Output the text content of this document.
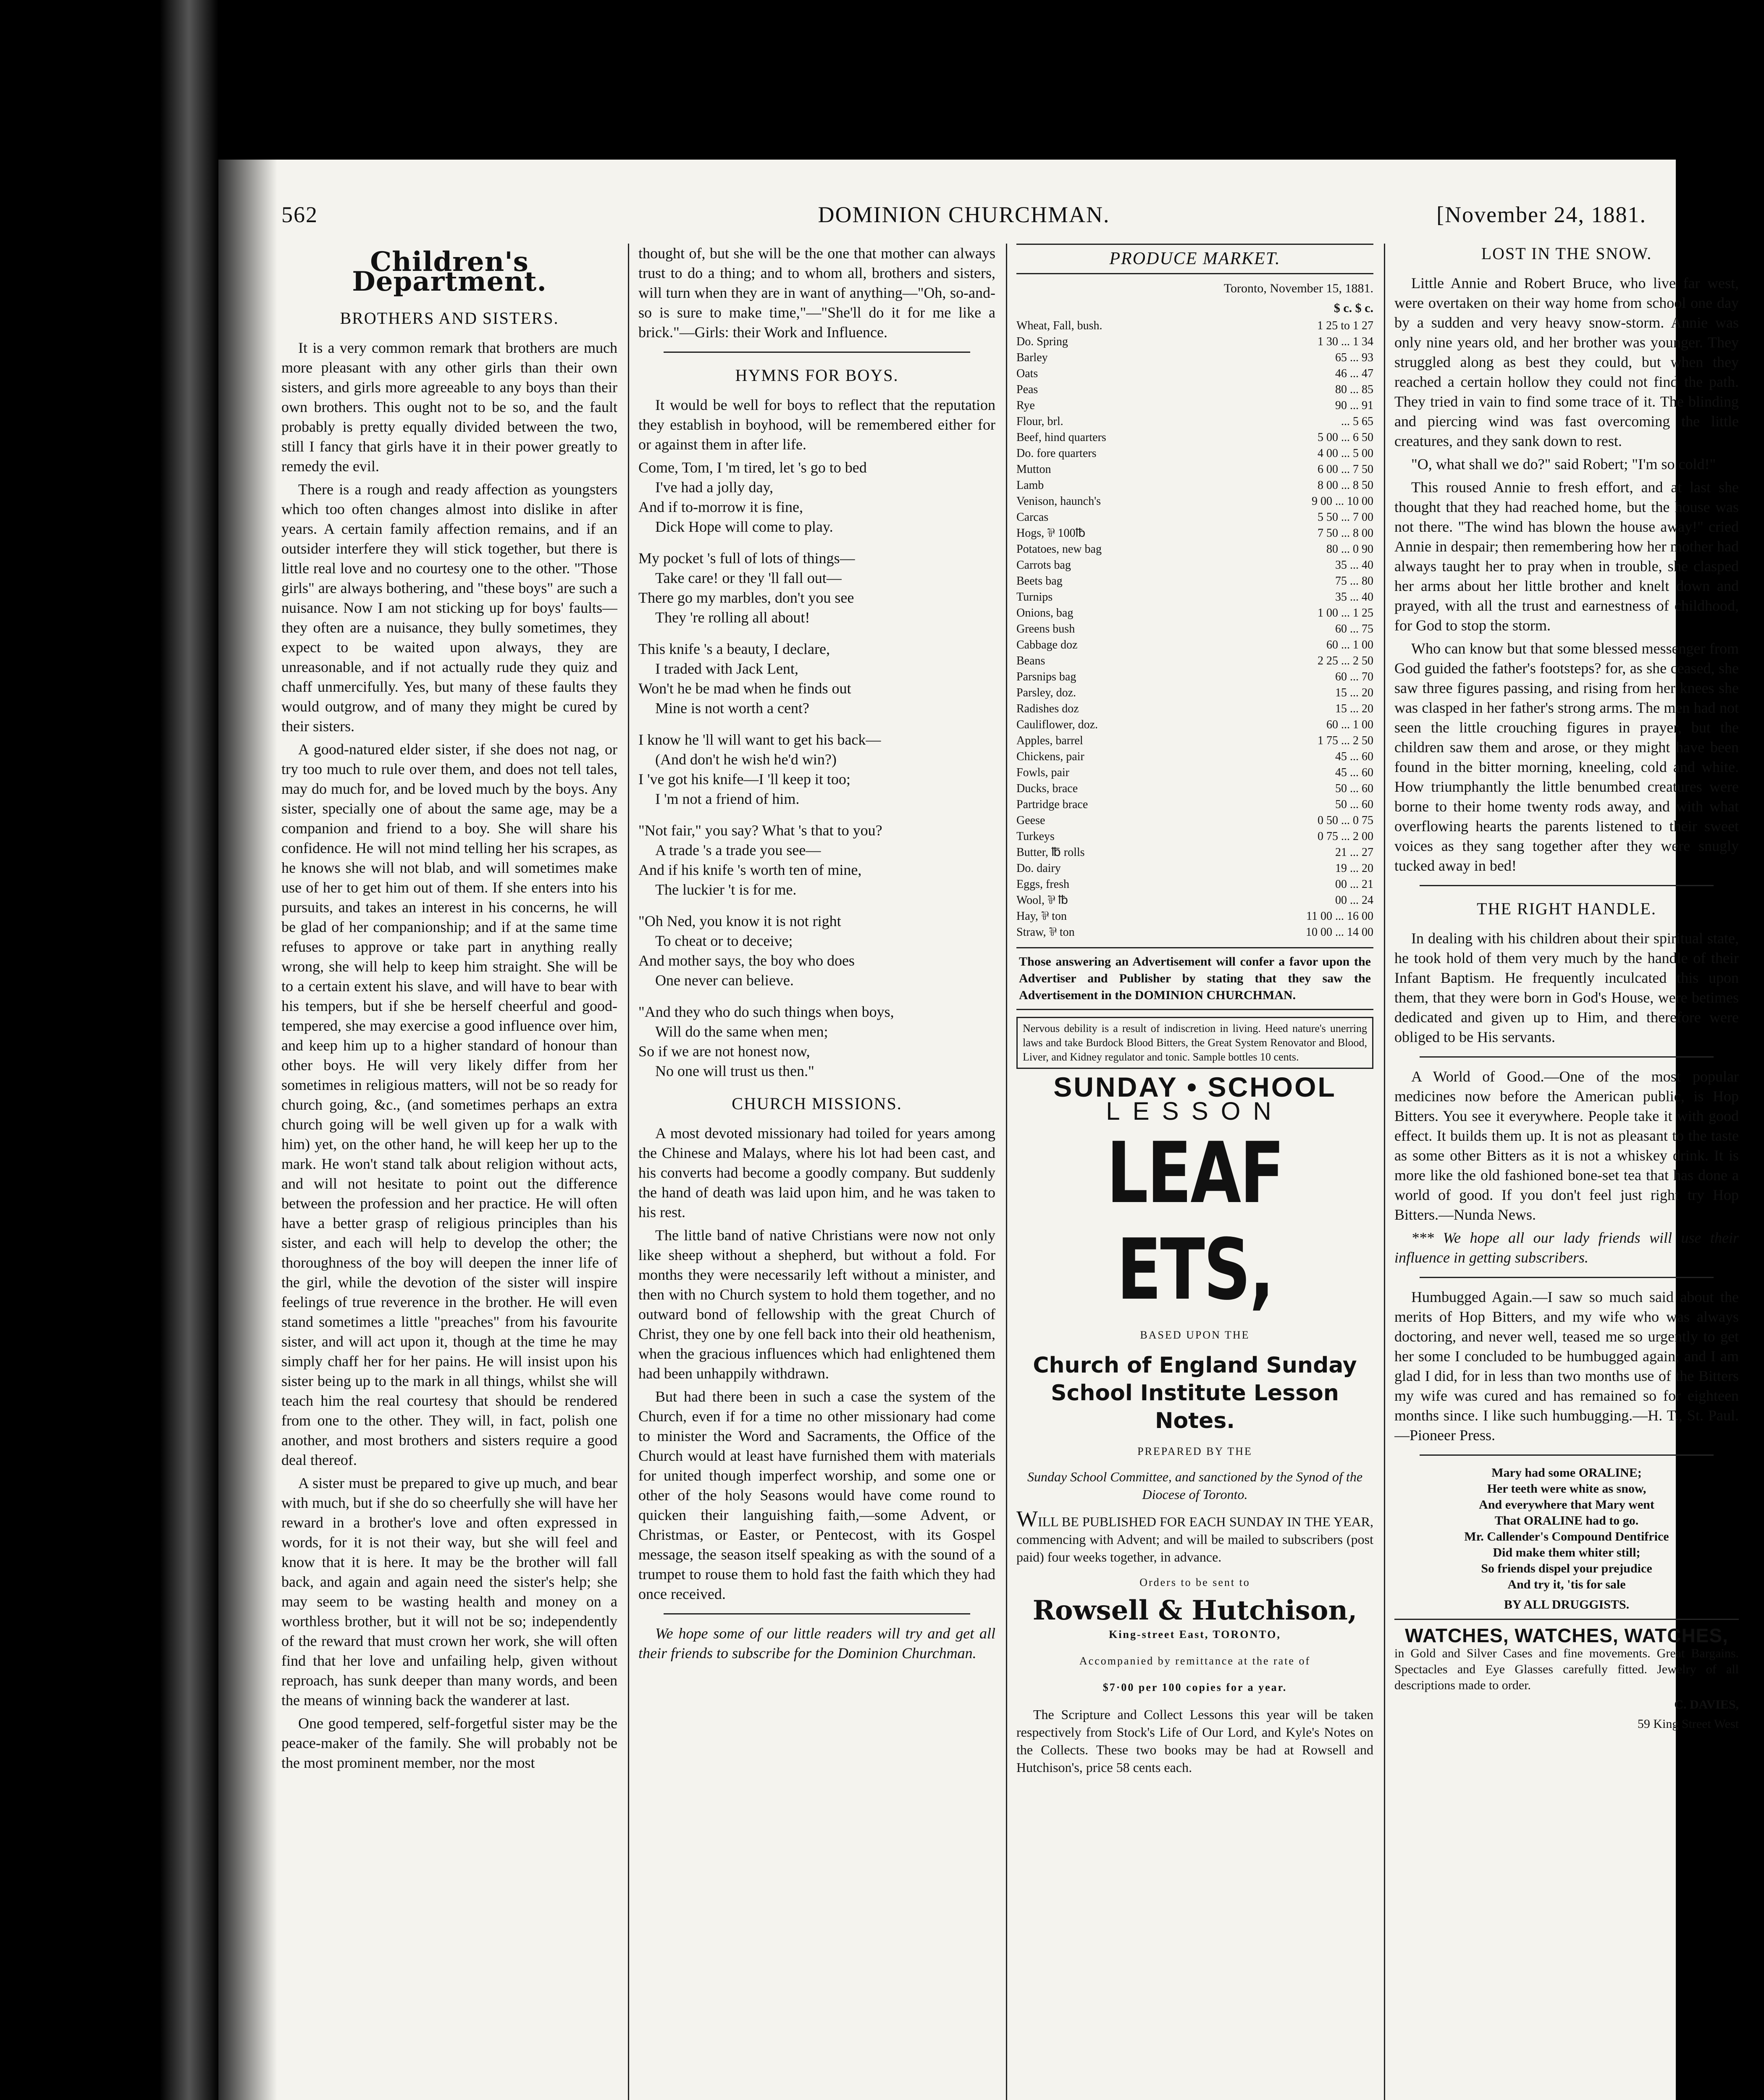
562	DOMINION CHURCHMAN.	[November 24, 1881.
Children's Department.
BROTHERS AND SISTERS.

It is a very common remark that brothers are much more pleasant with any other girls than their own sisters, and girls more agreeable to any boys than their own brothers. This ought not to be so, and the fault probably is pretty equally divided between the two, still I fancy that girls have it in their power greatly to remedy the evil.

There is a rough and ready affection as youngsters which too often changes almost into dislike in after years. A certain family affection remains, and if an outsider interfere they will stick together, but there is little real love and no courtesy one to the other. "Those girls" are always bothering, and "these boys" are such a nuisance. Now I am not sticking up for boys' faults—they often are a nuisance, they bully sometimes, they expect to be waited upon always, they are unreasonable, and if not actually rude they quiz and chaff unmercifully. Yes, but many of these faults they would outgrow, and of many they might be cured by their sisters.

A good-natured elder sister, if she does not nag, or try too much to rule over them, and does not tell tales, may do much for, and be loved much by the boys. Any sister, specially one of about the same age, may be a companion and friend to a boy. She will share his confidence. He will not mind telling her his scrapes, as he knows she will not blab, and will sometimes make use of her to get him out of them. If she enters into his pursuits, and takes an interest in his concerns, he will be glad of her companionship; and if at the same time refuses to approve or take part in anything really wrong, she will help to keep him straight. She will be to a certain extent his slave, and will have to bear with his tempers, but if she be herself cheerful and good-tempered, she may exercise a good influence over him, and keep him up to a higher standard of honour than other boys. He will very likely differ from her sometimes in religious matters, will not be so ready for church going, &c., (and sometimes perhaps an extra church going will be well given up for a walk with him) yet, on the other hand, he will keep her up to the mark. He won't stand talk about religion without acts, and will not hesitate to point out the difference between the profession and her practice. He will often have a better grasp of religious principles than his sister, and each will help to develop the other; the thoroughness of the boy will deepen the inner life of the girl, while the devotion of the sister will inspire feelings of true reverence in the brother. He will even stand sometimes a little "preaches" from his favourite sister, and will act upon it, though at the time he may simply chaff her for her pains. He will insist upon his sister being up to the mark in all things, whilst she will teach him the real courtesy that should be rendered from one to the other. They will, in fact, polish one another, and most brothers and sisters require a good deal thereof.

A sister must be prepared to give up much, and bear with much, but if she do so cheerfully she will have her reward in a brother's love and often expressed in words, for it is not their way, but she will feel and know that it is here. It may be the brother will fall back, and again and again need the sister's help; she may seem to be wasting health and money on a worthless brother, but it will not be so; independently of the reward that must crown her work, she will often find that her love and unfailing help, given without reproach, has sunk deeper than many words, and been the means of winning back the wanderer at last.

One good tempered, self-forgetful sister may be the peace-maker of the family. She will probably not be the most prominent member, nor the most

thought of, but she will be the one that mother can always trust to do a thing; and to whom all, brothers and sisters, will turn when they are in want of anything—"Oh, so-and-so is sure to make time,"—"She'll do it for me like a brick."—Girls: their Work and Influence.

HYMNS FOR BOYS.

It would be well for boys to reflect that the reputation they establish in boyhood, will be remembered either for or against them in after life.

Come, Tom, I 'm tired, let 's go to bed

I've had a jolly day,

And if to-morrow it is fine,

Dick Hope will come to play.

My pocket 's full of lots of things—

Take care! or they 'll fall out—

There go my marbles, don't you see

They 're rolling all about!

This knife 's a beauty, I declare,

I traded with Jack Lent,

Won't he be mad when he finds out

Mine is not worth a cent?

I know he 'll will want to get his back—

(And don't he wish he'd win?)

I 've got his knife—I 'll keep it too;

I 'm not a friend of him.

"Not fair," you say? What 's that to you?

A trade 's a trade you see—

And if his knife 's worth ten of mine,

The luckier 't is for me.

"Oh Ned, you know it is not right

To cheat or to deceive;

And mother says, the boy who does

One never can believe.

"And they who do such things when boys,

Will do the same when men;

So if we are not honest now,

No one will trust us then."

CHURCH MISSIONS.

A most devoted missionary had toiled for years among the Chinese and Malays, where his lot had been cast, and his converts had become a goodly company. But suddenly the hand of death was laid upon him, and he was taken to his rest.

The little band of native Christians were now not only like sheep without a shepherd, but without a fold. For months they were necessarily left without a minister, and then with no Church system to hold them together, and no outward bond of fellowship with the great Church of Christ, they one by one fell back into their old heathenism, when the gracious influences which had enlightened them had been unhappily withdrawn.

But had there been in such a case the system of the Church, even if for a time no other missionary had come to minister the Word and Sacraments, the Office of the Church would at least have furnished them with materials for united though imperfect worship, and some one or other of the holy Seasons would have come round to quicken their languishing faith,—some Advent, or Christmas, or Easter, or Pentecost, with its Gospel message, the season itself speaking as with the sound of a trumpet to rouse them to hold fast the faith which they had once received.

We hope some of our little readers will try and get all their friends to subscribe for the Dominion Churchman.

PRODUCE MARKET.
Toronto, November 15, 1881.
$ c. $ c.
Wheat, Fall, bush.	1 25 to 1 27
Do. Spring	1 30 ... 1 34
Barley	65 ... 93
Oats	46 ... 47
Peas	80 ... 85
Rye	90 ... 91
Flour, brl.	... 5 65
Beef, hind quarters	5 00 ... 6 50
Do. fore quarters	4 00 ... 5 00
Mutton	6 00 ... 7 50
Lamb	8 00 ... 8 50
Venison, haunch's	9 00 ... 10 00
Carcas	5 50 ... 7 00
Hogs, ⅌ 100℔	7 50 ... 8 00
Potatoes, new bag	80 ... 0 90
Carrots bag	35 ... 40
Beets bag	75 ... 80
Turnips	35 ... 40
Onions, bag	1 00 ... 1 25
Greens bush	60 ... 75
Cabbage doz	60 ... 1 00
Beans	2 25 ... 2 50
Parsnips bag	60 ... 70
Parsley, doz.	15 ... 20
Radishes doz	15 ... 20
Cauliflower, doz.	60 ... 1 00
Apples, barrel	1 75 ... 2 50
Chickens, pair	45 ... 60
Fowls, pair	45 ... 60
Ducks, brace	50 ... 60
Partridge brace	50 ... 60
Geese	0 50 ... 0 75
Turkeys	0 75 ... 2 00
Butter, ℔ rolls	21 ... 27
Do. dairy	19 ... 20
Eggs, fresh	00 ... 21
Wool, ⅌ ℔	00 ... 24
Hay, ⅌ ton	11 00 ... 16 00
Straw, ⅌ ton	10 00 ... 14 00
Those answering an Advertisement will confer a favor upon the Advertiser and Publisher by stating that they saw the Advertisement in the DOMINION CHURCHMAN.
Nervous debility is a result of indiscretion in living. Heed nature's unerring laws and take Burdock Blood Bitters, the Great System Renovator and Blood, Liver, and Kidney regulator and tonic. Sample bottles 10 cents.
SUNDAY • SCHOOL
LESSON
LEAF ETS,
BASED UPON THE
Church of England Sunday School Institute Lesson Notes.
PREPARED BY THE
Sunday School Committee, and sanctioned by the Synod of the Diocese of Toronto.
WILL BE PUBLISHED FOR EACH SUNDAY IN THE YEAR, commencing with Advent; and will be mailed to subscribers (post paid) four weeks together, in advance.
Orders to be sent to
Rowsell & Hutchison,
King-street East, TORONTO,
Accompanied by remittance at the rate of
$7·00 per 100 copies for a year.

The Scripture and Collect Lessons this year will be taken respectively from Stock's Life of Our Lord, and Kyle's Notes on the Collects. These two books may be had at Rowsell and Hutchison's, price 58 cents each.

LOST IN THE SNOW.

Little Annie and Robert Bruce, who live far west, were overtaken on their way home from school one day by a sudden and very heavy snow-storm. Annie was only nine years old, and her brother was younger. They struggled along as best they could, but when they reached a certain hollow they could not find the path. They tried in vain to find some trace of it. The blinding and piercing wind was fast overcoming the little creatures, and they sank down to rest.

"O, what shall we do?" said Robert; "I'm so cold!"

This roused Annie to fresh effort, and at last she thought that they had reached home, but the house was not there. "The wind has blown the house away!" cried Annie in despair; then remembering how her mother had always taught her to pray when in trouble, she clasped her arms about her little brother and knelt down and prayed, with all the trust and earnestness of childhood, for God to stop the storm.

Who can know but that some blessed messenger from God guided the father's footsteps? for, as she ceased, she saw three figures passing, and rising from her knees she was clasped in her father's strong arms. The men had not seen the little crouching figures in prayer, but the children saw them and arose, or they might have been found in the bitter morning, kneeling, cold and white. How triumphantly the little benumbed creatures were borne to their home twenty rods away, and with what overflowing hearts the parents listened to their sweet voices as they sang together after they were snugly tucked away in bed!

THE RIGHT HANDLE.

In dealing with his children about their spiritual state, he took hold of them very much by the handle of their Infant Baptism. He frequently inculcated this upon them, that they were born in God's House, were betimes dedicated and given up to Him, and therefore were obliged to be His servants.

A World of Good.—One of the most popular medicines now before the American public, is Hop Bitters. You see it everywhere. People take it with good effect. It builds them up. It is not as pleasant to the taste as some other Bitters as it is not a whiskey drink. It is more like the old fashioned bone-set tea that has done a world of good. If you don't feel just right try Hop Bitters.—Nunda News.

*** We hope all our lady friends will use their influence in getting subscribers.

Humbugged Again.—I saw so much said about the merits of Hop Bitters, and my wife who was always doctoring, and never well, teased me so urgently to get her some I concluded to be humbugged again; and I am glad I did, for in less than two months use of the Bitters my wife was cured and has remained so for eighteen months since. I like such humbugging.—H. T., St. Paul.—Pioneer Press.

Mary had some ORALINE;
Her teeth were white as snow,
And everywhere that Mary went
That ORALINE had to go.
Mr. Callender's Compound Dentifrice
Did make them whiter still;
So friends dispel your prejudice
And try it, 'tis for sale
BY ALL DRUGGISTS.
WATCHES, WATCHES, WATCHES,

in Gold and Silver Cases and fine movements. Great Bargains. Spectacles and Eye Glasses carefully fitted. Jewelry of all descriptions made to order.

C. DAVIES,

59 King Street West
